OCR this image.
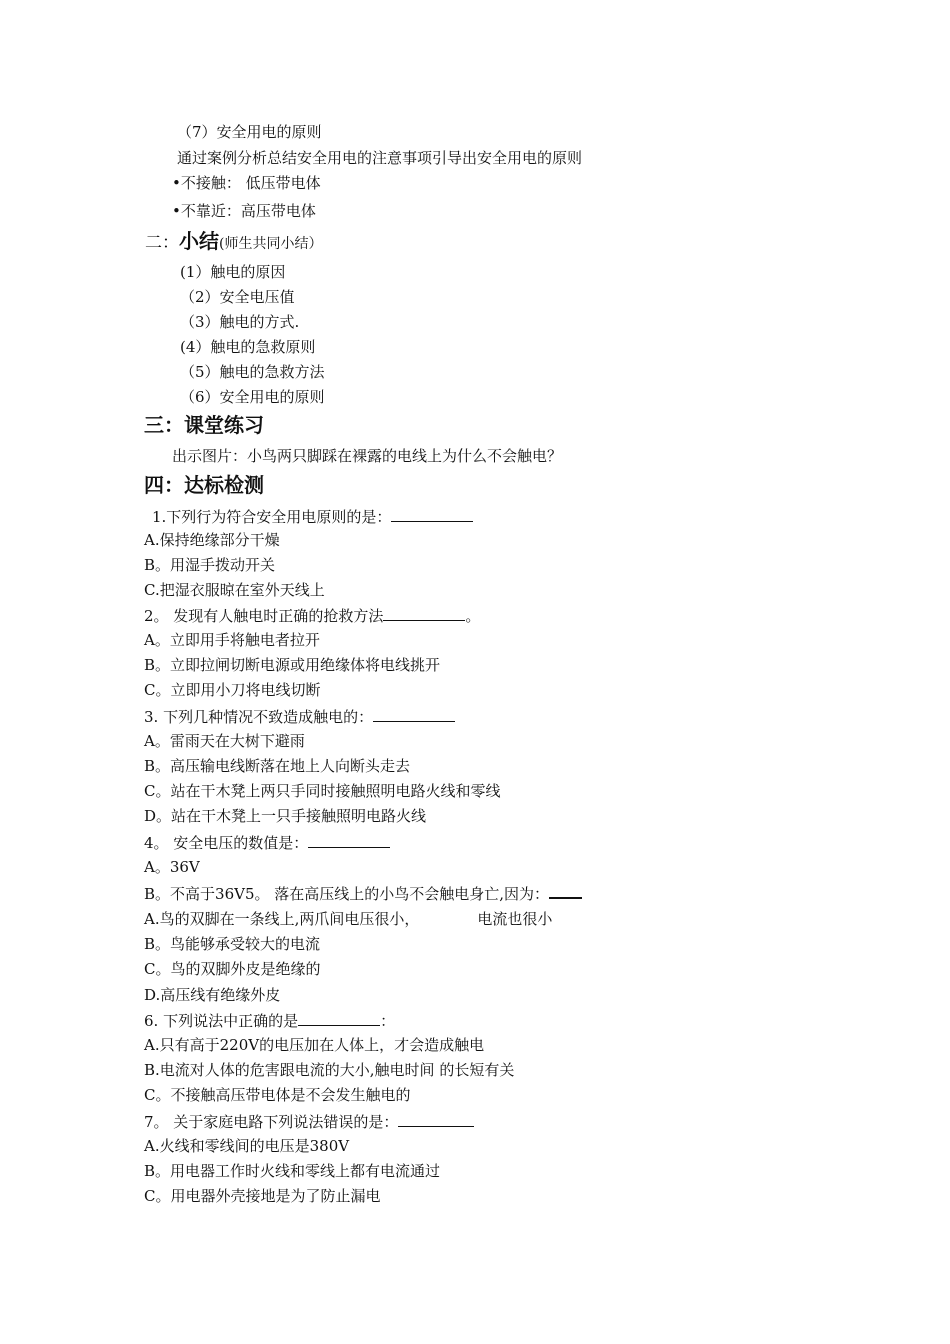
（7）安全用电的原则
通过案例分析总结安全用电的注意事项引导出安全用电的原则
•不接触： 低压带电体
•不靠近：高压带电体
二：小结(师生共同小结）
(1）触电的原因
（2）安全电压值
（3）触电的方式.
(4）触电的急救原则
（5）触电的急救方法
（6）安全用电的原则
三：课堂练习
出示图片：小鸟两只脚踩在裸露的电线上为什么不会触电？
四：达标检测
1.下列行为符合安全用电原则的是：
A.保持绝缘部分干燥
B。用湿手拨动开关
C.把湿衣服晾在室外天线上
2。 发现有人触电时正确的抢救方法	。
A。立即用手将触电者拉开
B。立即拉闸切断电源或用绝缘体将电线挑开
C。立即用小刀将电线切断
3. 下列几种情况不致造成触电的：
A。雷雨天在大树下避雨
B。高压输电线断落在地上人向断头走去
C。站在干木凳上两只手同时接触照明电路火线和零线
D。站在干木凳上一只手接触照明电路火线
4。 安全电压的数值是：
A。36V
B。不高于36V5。 落在高压线上的小鸟不会触电身亡,因为：
A.鸟的双脚在一条线上,两爪间电压很小，	电流也很小
B。鸟能够承受较大的电流
C。鸟的双脚外皮是绝缘的
D.高压线有绝缘外皮
6. 下列说法中正确的是	：
A.只有高于220V的电压加在人体上，才会造成触电
B.电流对人体的危害跟电流的大小,触电时间 的长短有关
C。不接触高压带电体是不会发生触电的
7。 关于家庭电路下列说法错误的是：
A.火线和零线间的电压是380V
B。用电器工作时火线和零线上都有电流通过
C。用电器外壳接地是为了防止漏电
